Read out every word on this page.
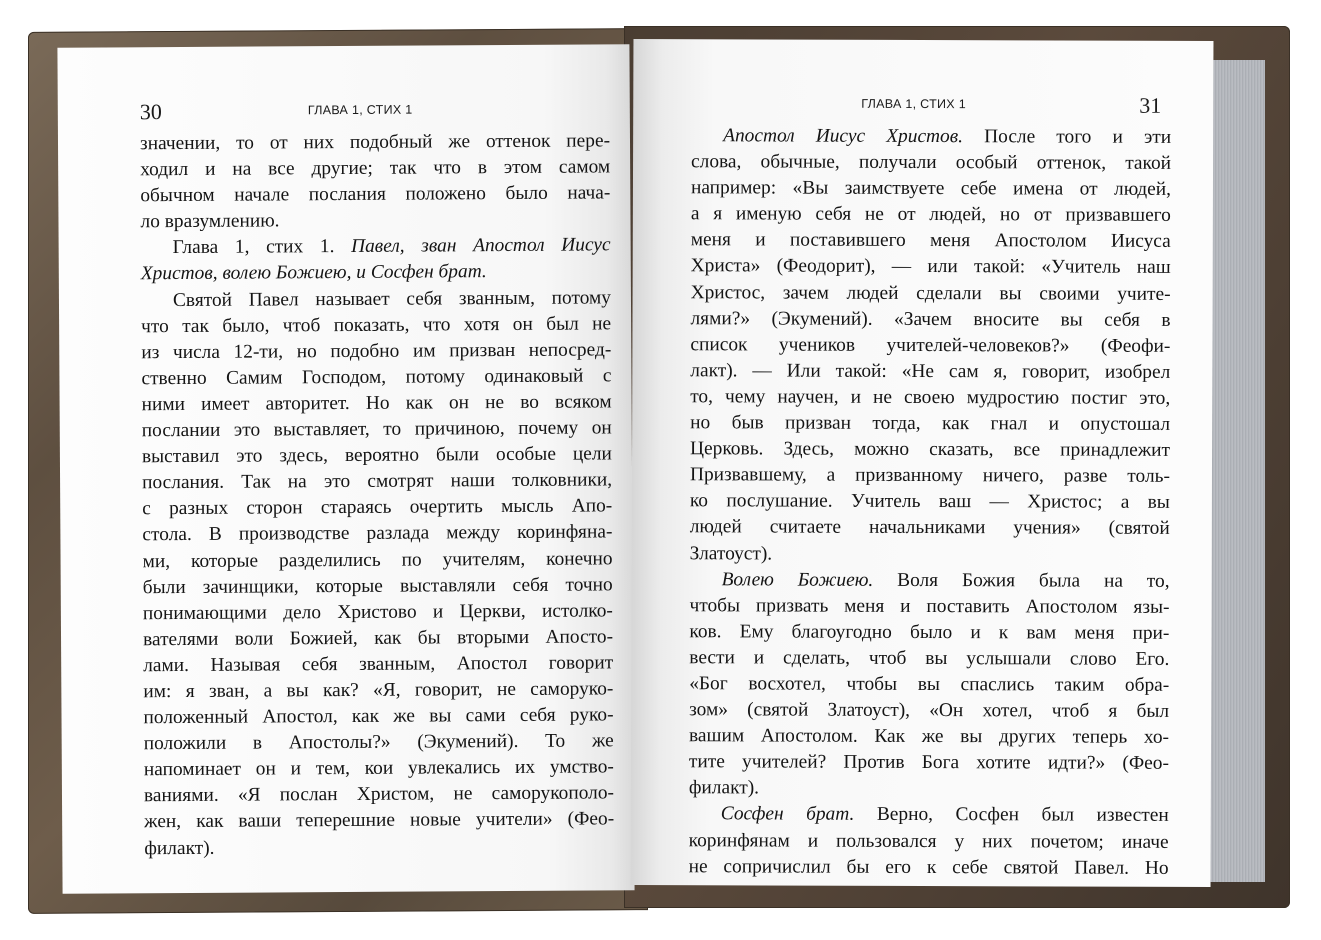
30	ГЛАВА 1, СТИХ 1
значении, то от них подобный же оттенок пере-
ходил и на все другие; так что в этом самом
обычном начале послания положено было нача-
ло вразумлению.
Глава 1, стих 1. Павел, зван Апостол Иисус
Христов, волею Божиею, и Сосфен брат.
Святой Павел называет себя званным, потому
что так было, чтоб показать, что хотя он был не
из числа 12-ти, но подобно им призван непосред-
ственно Самим Господом, потому одинаковый с
ними имеет авторитет. Но как он не во всяком
послании это выставляет, то причиною, почему он
выставил это здесь, вероятно были особые цели
послания. Так на это смотрят наши толковники,
с разных сторон стараясь очертить мысль Апо-
стола. В производстве разлада между коринфяна-
ми, которые разделились по учителям, конечно
были зачинщики, которые выставляли себя точно
понимающими дело Христово и Церкви, истолко-
вателями воли Божией, как бы вторыми Апосто-
лами. Называя себя званным, Апостол говорит
им: я зван, а вы как? «Я, говорит, не саморуко-
положенный Апостол, как же вы сами себя руко-
положили в Апостолы?» (Экумений). То же
напоминает он и тем, кои увлекались их умство-
ваниями. «Я послан Христом, не саморукополо-
жен, как ваши теперешние новые учители» (Фео-
филакт).
ГЛАВА 1, СТИХ 1	31
Апостол Иисус Христов. После того и эти
слова, обычные, получали особый оттенок, такой
например: «Вы заимствуете себе имена от людей,
а я именую себя не от людей, но от призвавшего
меня и поставившего меня Апостолом Иисуса
Христа» (Феодорит), — или такой: «Учитель наш
Христос, зачем людей сделали вы своими учите-
лями?» (Экумений). «Зачем вносите вы себя в
список учеников учителей-человеков?» (Феофи-
лакт). — Или такой: «Не сам я, говорит, изобрел
то, чему научен, и не своею мудростию постиг это,
но быв призван тогда, как гнал и опустошал
Церковь. Здесь, можно сказать, все принадлежит
Призвавшему, а призванному ничего, разве толь-
ко послушание. Учитель ваш — Христос; а вы
людей считаете начальниками учения» (святой
Златоуст).
Волею Божиею. Воля Божия была на то,
чтобы призвать меня и поставить Апостолом язы-
ков. Ему благоугодно было и к вам меня при-
вести и сделать, чтоб вы услышали слово Его.
«Бог восхотел, чтобы вы спаслись таким обра-
зом» (святой Златоуст), «Он хотел, чтоб я был
вашим Апостолом. Как же вы других теперь хо-
тите учителей? Против Бога хотите идти?» (Фео-
филакт).
Сосфен брат. Верно, Сосфен был известен
коринфянам и пользовался у них почетом; иначе
не сопричислил бы его к себе святой Павел. Но
